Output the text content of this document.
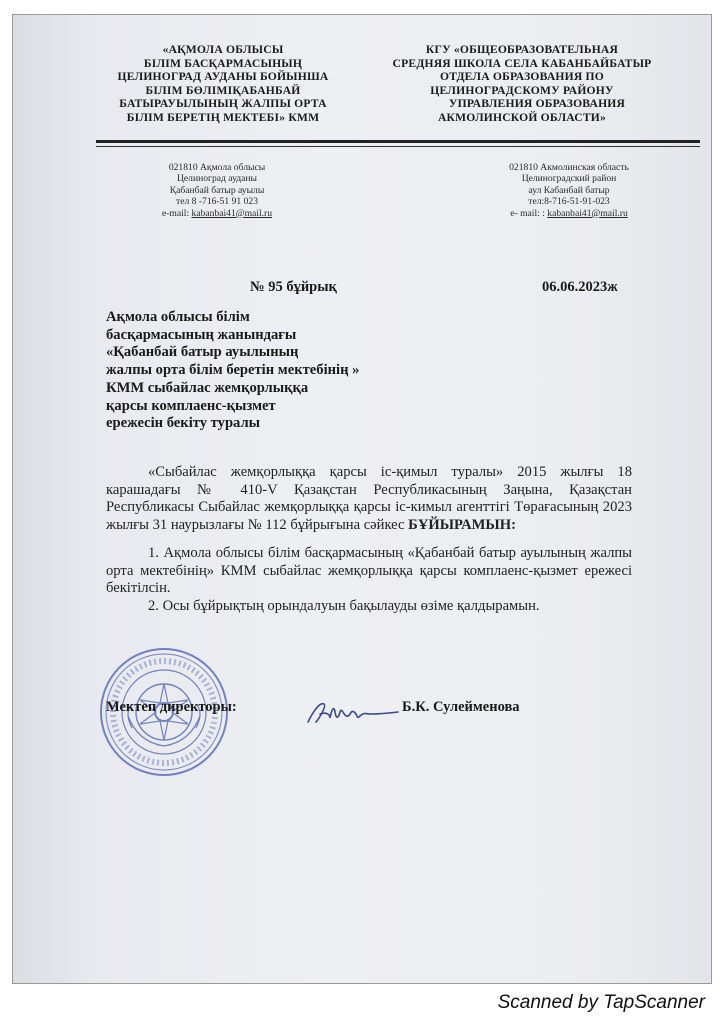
«АҚМОЛА ОБЛЫСЫ
БІЛІМ БАСҚАРМАСЫНЫҢ
ЦЕЛИНОГРАД АУДАНЫ БОЙЫНША
БІЛІМ БӨЛІМІҚАБАНБАЙ
БАТЫРАУЫЛЫНЫҢ ЖАЛПЫ ОРТА
БІЛІМ БЕРЕТІҢ МЕКТЕБІ» КММ
КГУ «ОБЩЕОБРАЗОВАТЕЛЬНАЯ
СРЕДНЯЯ ШКОЛА СЕЛА КАБАНБАЙБАТЫР
ОТДЕЛА ОБРАЗОВАНИЯ ПО
ЦЕЛИНОГРАДСКОМУ РАЙОНУ
УПРАВЛЕНИЯ ОБРАЗОВАНИЯ
АКМОЛИНСКОЙ ОБЛАСТИ»
021810 Ақмола облысы
Целиноград ауданы
Қабанбай батыр ауылы
тел 8 -716-51 91 023
e-mail: kabanbai41@mail.ru
021810 Акмолинская область
Целиноградский район
аул Кабанбай батыр
тел:8-716-51-91-023
e- mail: : kabanbai41@mail.ru
№ 95 бұйрық	06.06.2023ж
Ақмола облысы білім
басқармасының жанындағы
«Қабанбай батыр ауылының
жалпы орта білім беретін мектебінің »
КММ сыбайлас жемқорлыққа
қарсы комплаенс-қызмет
ережесін бекіту туралы
«Сыбайлас жемқорлыққа қарсы іс-қимыл туралы» 2015 жылғы 18 карашадағы № 410-V Қазақстан Республикасының Заңына, Қазақстан Республикасы Сыбайлас жемқорлыққа қарсы іс-кимыл агенттігі Төрағасының 2023 жылғы 31 наурызлағы № 112 бұйрығына сәйкес БҰЙЫРАМЫН:
1. Ақмола облысы білім басқармасының «Қабанбай батыр ауылының жалпы орта мектебінің» КММ сыбайлас жемқорлыққа қарсы комплаенс-қызмет ережесі бекітілсін.
2. Осы бұйрықтың орындалуын бақылауды өзіме қалдырамын.
Мектеп директоры:	Б.К. Сулейменова
Scanned by TapScanner
